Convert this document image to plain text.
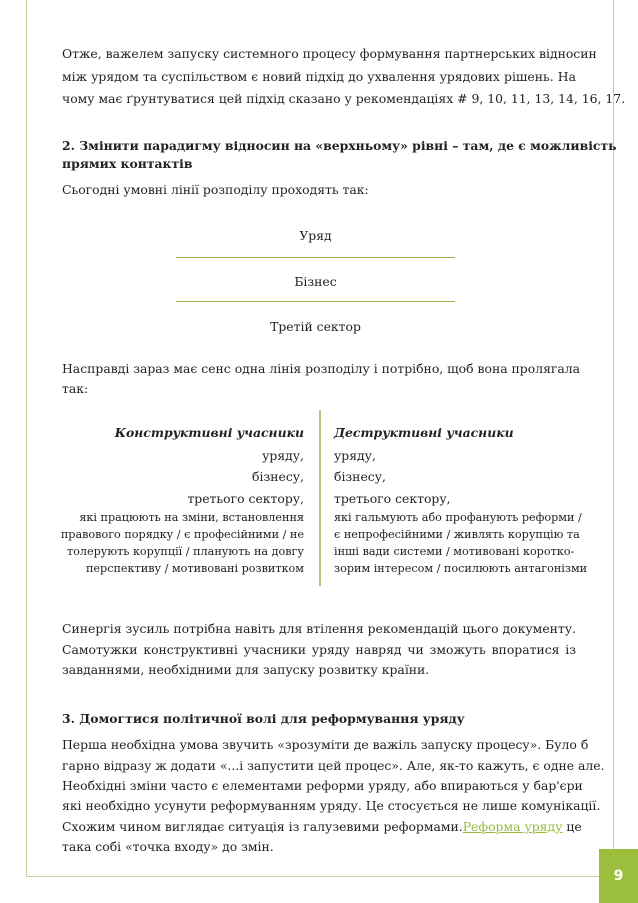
Отже, важелем запуску системного процесу формування партнерських відносин
між урядом та суспільством є новий підхід до ухвалення урядових рішень. На
чому має ґрунтуватися цей підхід сказано у рекомендаціях # 9, 10, 11, 13, 14, 16, 17.
2. Змінити парадигму відносин на «верхньому» рівні – там, де є можливість
прямих контактів
Сьогодні умовні лінії розподілу проходять так:
Уряд
Бізнес
Третій сектор
Насправді зараз має сенс одна лінія розподілу і потрібно, щоб вона пролягала
так:
Конструктивні учасники
уряду,
бізнесу,
третього сектору,
які працюють на зміни, встановлення
правового порядку / є професійними / не
толерують корупції / планують на довгу
перспективу / мотивовані розвитком
Деструктивні учасники
уряду,
бізнесу,
третього сектору,
які гальмують або профанують реформи /
є непрофесійними / живлять корупцію та
інші вади системи / мотивовані коротко-
зорим інтересом / посилюють антагонізми
Синергія зусиль потрібна навіть для втілення рекомендацій цього документу.
Самотужки конструктивні учасники уряду навряд чи зможуть впоратися із
завданнями, необхідними для запуску розвитку країни.
3. Домогтися політичної волі для реформування уряду
Перша необхідна умова звучить «зрозуміти де важіль запуску процесу». Було б
гарно відразу ж додати «...і запустити цей процес». Але, як-то кажуть, є одне але.
Необхідні зміни часто є елементами реформи уряду, або впираються у бар'єри
які необхідно усунути реформуванням уряду. Це стосується не лише комунікації.
Схожим чином виглядає ситуація із галузевими реформами. Реформа уряду це
така собі «точка входу» до змін.
9
